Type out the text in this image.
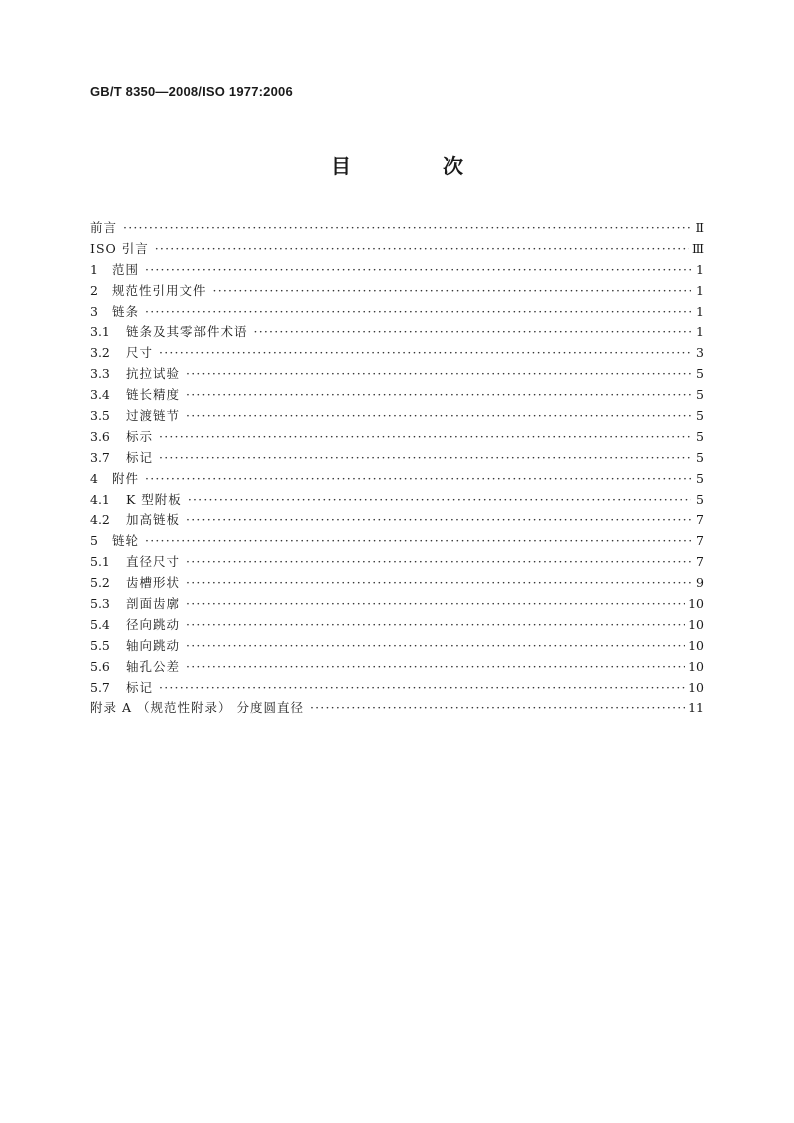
GB/T 8350—2008/ISO 1977:2006
目　次
前言 ·····	Ⅱ
ISO 引言 ·····	Ⅲ
1	范围 ·····	1
2	规范性引用文件 ·····	1
3	链条 ·····	1
3.1	链条及其零部件术语 ·····	1
3.2	尺寸 ·····	3
3.3	抗拉试验 ·····	5
3.4	链长精度 ·····	5
3.5	过渡链节 ·····	5
3.6	标示 ·····	5
3.7	标记 ·····	5
4	附件 ·····	5
4.1	K 型附板 ·····	5
4.2	加高链板 ·····	7
5	链轮 ·····	7
5.1	直径尺寸 ·····	7
5.2	齿槽形状 ·····	9
5.3	剖面齿廓 ·····	10
5.4	径向跳动 ·····	10
5.5	轴向跳动 ·····	10
5.6	轴孔公差 ·····	10
5.7	标记 ·····	10
附录 A （规范性附录） 分度圆直径 ·····	11
